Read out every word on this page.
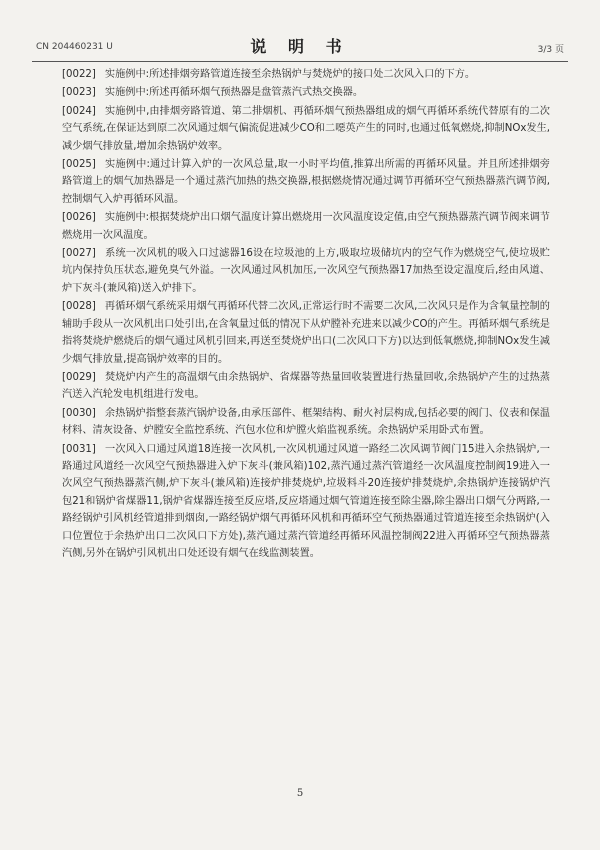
CN 204460231 U	说 明 书	3/3 页

[0022] 实施例中:所述排烟旁路管道连接至余热锅炉与焚烧炉的接口处二次风入口的下方。

[0023] 实施例中:所述再循环烟气预热器是盘管蒸汽式热交换器。

[0024] 实施例中,由排烟旁路管道、第二排烟机、再循环烟气预热器组成的烟气再循环系统代替原有的二次空气系统,在保证达到原二次风通过烟气偏流促进减少CO和二噁英产生的同时,也通过低氧燃烧,抑制NOx发生,减少烟气排放量,增加余热锅炉效率。

[0025] 实施例中:通过计算入炉的一次风总量,取一小时平均值,推算出所需的再循环风量。并且所述排烟旁路管道上的烟气加热器是一个通过蒸汽加热的热交换器,根据燃烧情况通过调节再循环空气预热器蒸汽调节阀,控制烟气入炉再循环风温。

[0026] 实施例中:根据焚烧炉出口烟气温度计算出燃烧用一次风温度设定值,由空气预热器蒸汽调节阀来调节燃烧用一次风温度。

[0027] 系统一次风机的吸入口过滤器16设在垃圾池的上方,吸取垃圾储坑内的空气作为燃烧空气,使垃圾贮坑内保持负压状态,避免臭气外溢。一次风通过风机加压,一次风空气预热器17加热至设定温度后,经由风道、炉下灰斗(兼风箱)送入炉排下。

[0028] 再循环烟气系统采用烟气再循环代替二次风,正常运行时不需要二次风,二次风只是作为含氧量控制的辅助手段从一次风机出口处引出,在含氧量过低的情况下从炉膛补充进来以减少CO的产生。再循环烟气系统是指将焚烧炉燃烧后的烟气通过风机引回来,再送至焚烧炉出口(二次风口下方)以达到低氧燃烧,抑制NOx发生减少烟气排放量,提高锅炉效率的目的。

[0029] 焚烧炉内产生的高温烟气由余热锅炉、省煤器等热量回收装置进行热量回收,余热锅炉产生的过热蒸汽送入汽轮发电机组进行发电。

[0030] 余热锅炉指整套蒸汽锅炉设备,由承压部件、框架结构、耐火衬层构成,包括必要的阀门、仪表和保温材料、清灰设备、炉膛安全监控系统、汽包水位和炉膛火焰监视系统。余热锅炉采用卧式布置。

[0031] 一次风入口通过风道18连接一次风机,一次风机通过风道一路经二次风调节阀门15进入余热锅炉,一路通过风道经一次风空气预热器进入炉下灰斗(兼风箱)102,蒸汽通过蒸汽管道经一次风温度控制阀19进入一次风空气预热器蒸汽侧,炉下灰斗(兼风箱)连接炉排焚烧炉,垃圾料斗20连接炉排焚烧炉,余热锅炉连接锅炉汽包21和锅炉省煤器11,锅炉省煤器连接至反应塔,反应塔通过烟气管道连接至除尘器,除尘器出口烟气分两路,一路经锅炉引风机经管道排到烟囱,一路经锅炉烟气再循环风机和再循环空气预热器通过管道连接至余热锅炉(入口位置位于余热炉出口二次风口下方处),蒸汽通过蒸汽管道经再循环风温控制阀22进入再循环空气预热器蒸汽侧,另外在锅炉引风机出口处还设有烟气在线监测装置。

5
